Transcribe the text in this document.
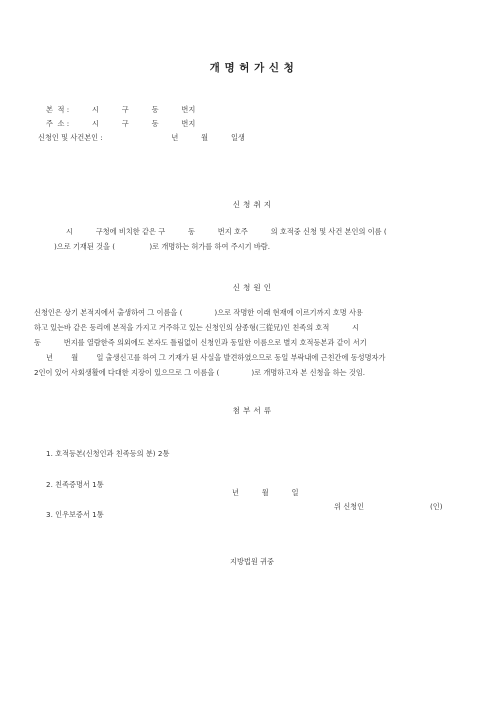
개 명 허 가 신 청
본  적 :          시          구          동          번지
주  소 :          시          구          동          번지
신청인 및 사건본인 :                              년          월          일생
신 청 취 지
시          구청에 비치한 같은 구          동          번지 호주          의 호적중 신청 및 사건 본인의 이름 (
)으로 기재된 것을 (               )로 개명하는 허가를 하여 주시기 바람.
신 청 원 인
신청인은 상기 본적지에서 출생하여 그 이름을 (              )으로 작명한 이래 현재에 이르기까지 호명 사용
하고 있는바 같은 동리에 본적을 가지고 거주하고 있는 신청인의 삼종형(三從兄)인 친족의 호적          시
동          번지를 열람한즉 의외에도 본자도 틀림없이 신청인과 동일한 이름으로 별지 호적등본과 같이 서기
년        월        일 출생신고를 하여 그 기재가 된 사실을 발견하였으므로 동일 부락내에 근친간에 동성명자가
2인이 있어 사회생활에 다대한 지장이 있으므로 그 이름을 (              )로 개명하고자 본 신청을 하는 것임.
첨 부 서 류

1. 호적등본(신청인과 친족등의 분) 2통

2. 친족증명서 1통

3. 인우보증서 1통

년          월          일
위 신청인	(인)
지방법원 귀중
